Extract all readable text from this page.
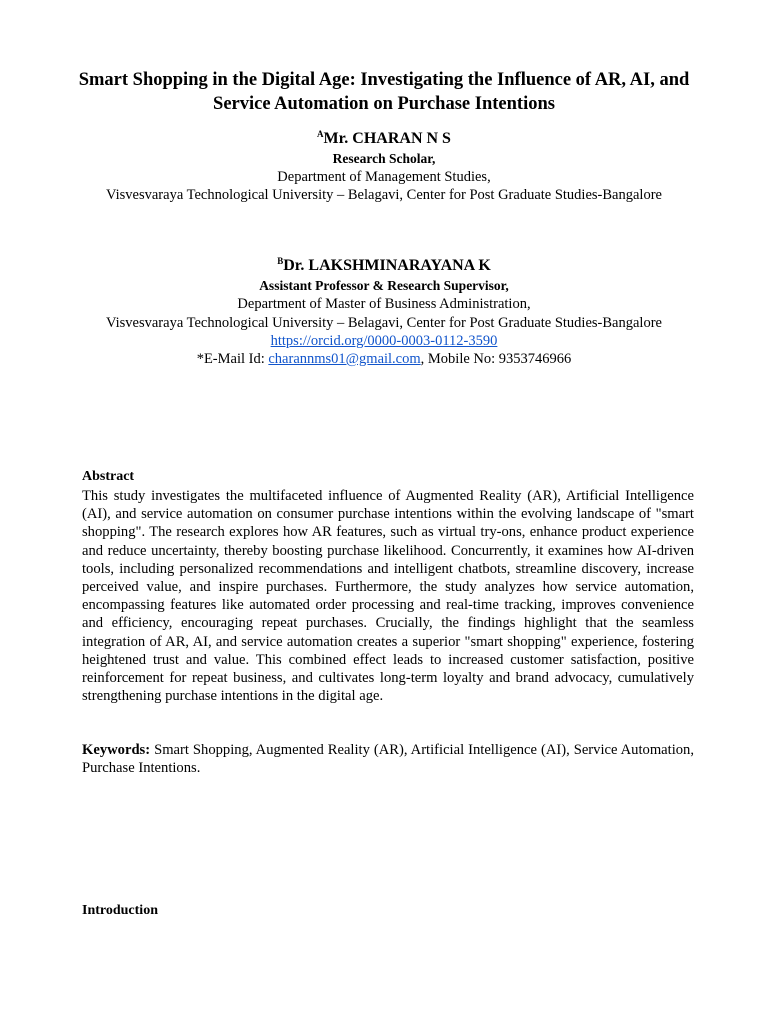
Smart Shopping in the Digital Age: Investigating the Influence of AR, AI, and Service Automation on Purchase Intentions
$^A$Mr. CHARAN N S
Research Scholar,
Department of Management Studies,
Visvesvaraya Technological University – Belagavi, Center for Post Graduate Studies-Bangalore
$^B$Dr. LAKSHMINARAYANA K
Assistant Professor & Research Supervisor,
Department of Master of Business Administration,
Visvesvaraya Technological University – Belagavi, Center for Post Graduate Studies-Bangalore
https://orcid.org/0000-0003-0112-3590
*E-Mail Id: charannms01@gmail.com, Mobile No: 9353746966
Abstract
This study investigates the multifaceted influence of Augmented Reality (AR), Artificial Intelligence (AI), and service automation on consumer purchase intentions within the evolving landscape of "smart shopping". The research explores how AR features, such as virtual try-ons, enhance product experience and reduce uncertainty, thereby boosting purchase likelihood. Concurrently, it examines how AI-driven tools, including personalized recommendations and intelligent chatbots, streamline discovery, increase perceived value, and inspire purchases. Furthermore, the study analyzes how service automation, encompassing features like automated order processing and real-time tracking, improves convenience and efficiency, encouraging repeat purchases. Crucially, the findings highlight that the seamless integration of AR, AI, and service automation creates a superior "smart shopping" experience, fostering heightened trust and value. This combined effect leads to increased customer satisfaction, positive reinforcement for repeat business, and cultivates long-term loyalty and brand advocacy, cumulatively strengthening purchase intentions in the digital age.
Keywords: Smart Shopping, Augmented Reality (AR), Artificial Intelligence (AI), Service Automation, Purchase Intentions.
Introduction
